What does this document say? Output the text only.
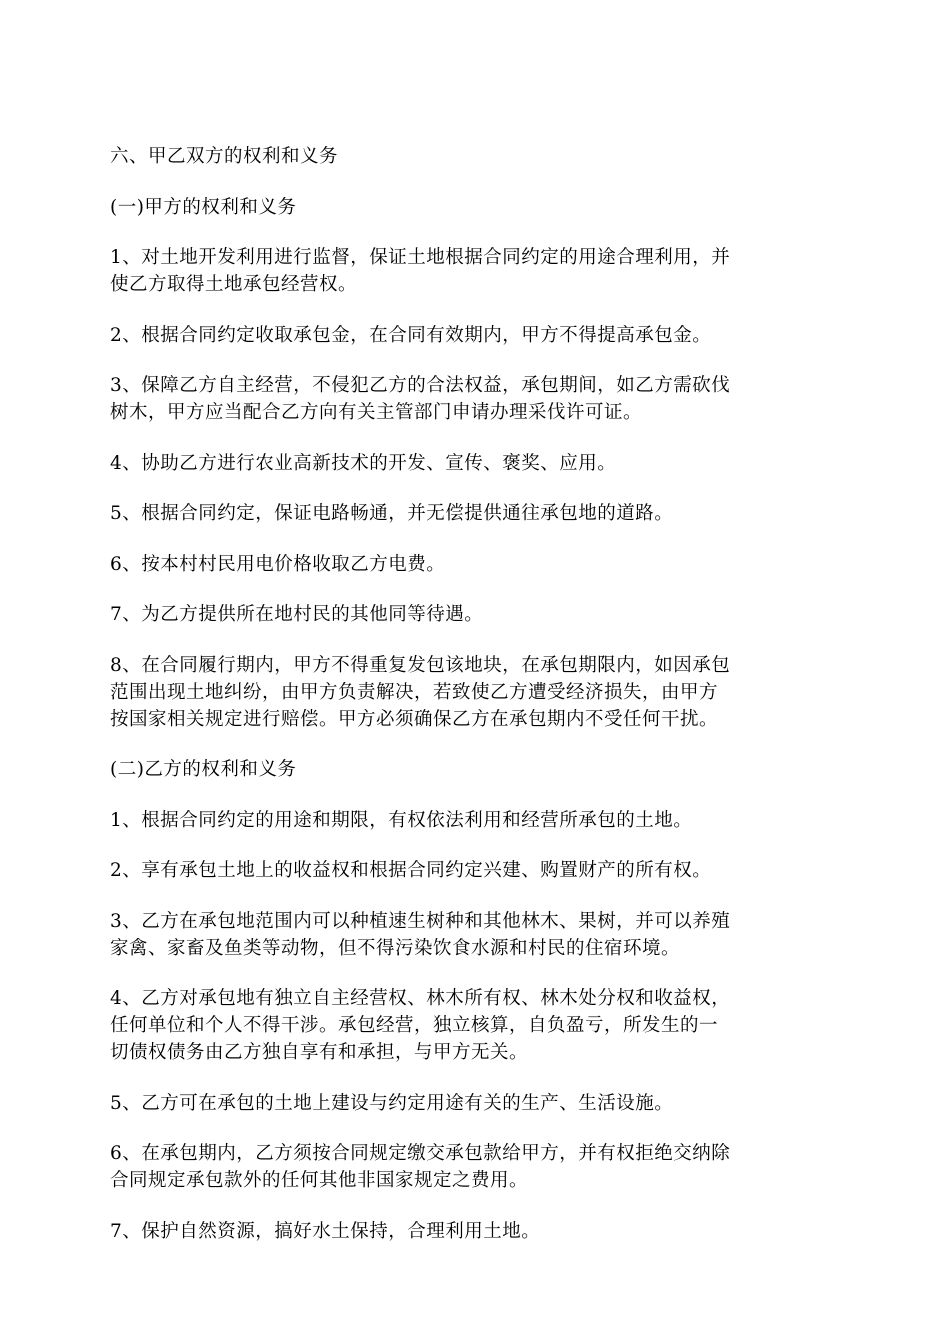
六、甲乙双方的权利和义务

(一)甲方的权利和义务

1、对土地开发利用进行监督，保证土地根据合同约定的用途合理利用，并
使乙方取得土地承包经营权。

2、根据合同约定收取承包金，在合同有效期内，甲方不得提高承包金。

3、保障乙方自主经营，不侵犯乙方的合法权益，承包期间，如乙方需砍伐
树木，甲方应当配合乙方向有关主管部门申请办理采伐许可证。

4、协助乙方进行农业高新技术的开发、宣传、褒奖、应用。

5、根据合同约定，保证电路畅通，并无偿提供通往承包地的道路。

6、按本村村民用电价格收取乙方电费。

7、为乙方提供所在地村民的其他同等待遇。

8、在合同履行期内，甲方不得重复发包该地块，在承包期限内，如因承包
范围出现土地纠纷，由甲方负责解决，若致使乙方遭受经济损失，由甲方
按国家相关规定进行赔偿。甲方必须确保乙方在承包期内不受任何干扰。

(二)乙方的权利和义务

1、根据合同约定的用途和期限，有权依法利用和经营所承包的土地。

2、享有承包土地上的收益权和根据合同约定兴建、购置财产的所有权。

3、乙方在承包地范围内可以种植速生树种和其他林木、果树，并可以养殖
家禽、家畜及鱼类等动物，但不得污染饮食水源和村民的住宿环境。

4、乙方对承包地有独立自主经营权、林木所有权、林木处分权和收益权，
任何单位和个人不得干涉。承包经营，独立核算，自负盈亏，所发生的一
切债权债务由乙方独自享有和承担，与甲方无关。

5、乙方可在承包的土地上建设与约定用途有关的生产、生活设施。

6、在承包期内，乙方须按合同规定缴交承包款给甲方，并有权拒绝交纳除
合同规定承包款外的任何其他非国家规定之费用。

7、保护自然资源，搞好水土保持，合理利用土地。
